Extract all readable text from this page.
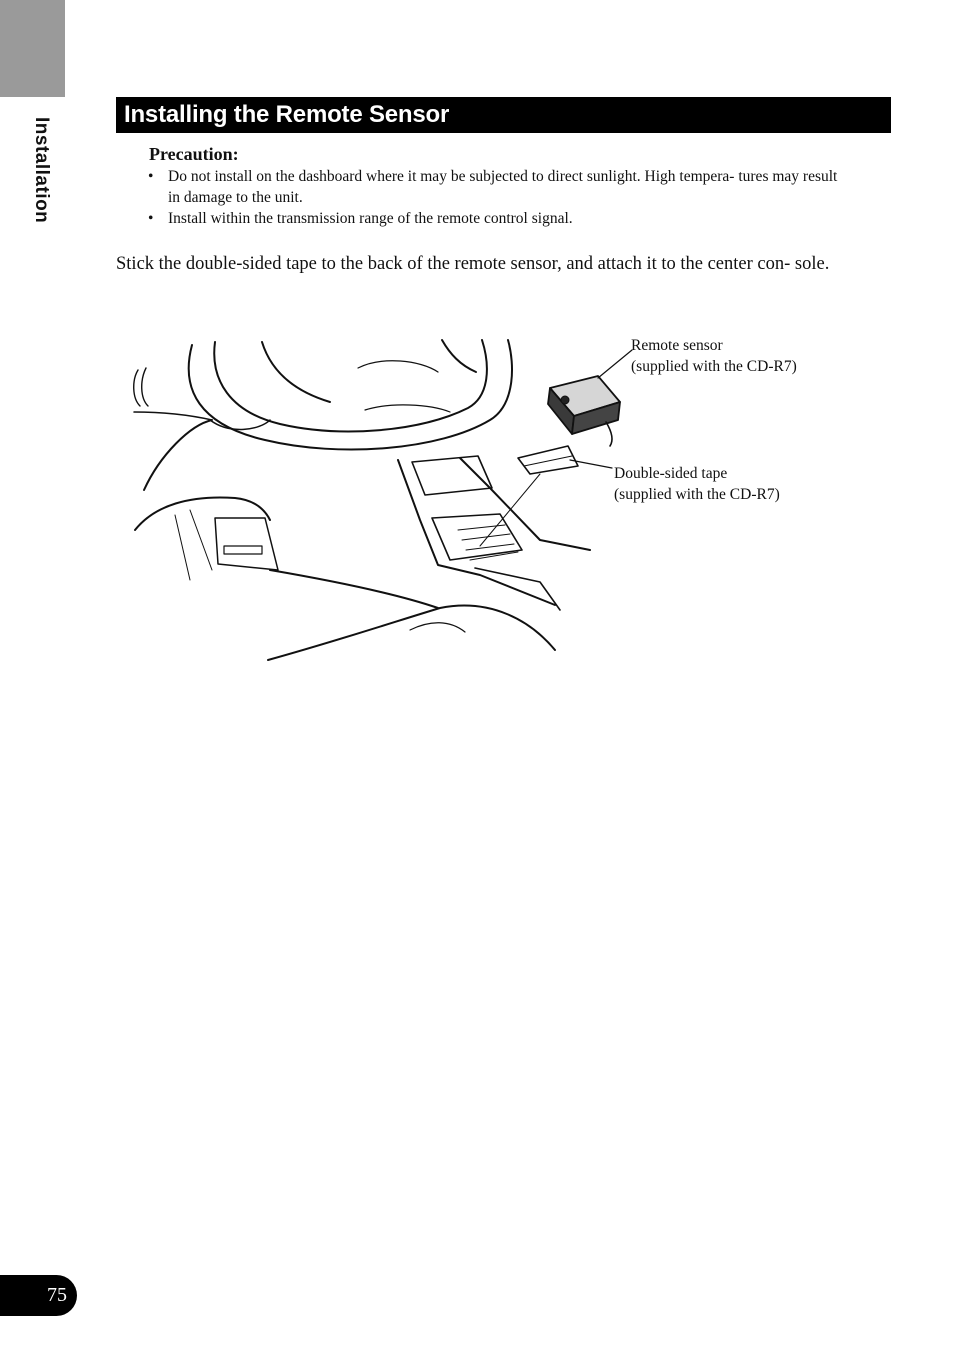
Installation
Installing the Remote Sensor
Precaution:
• Do not install on the dashboard where it may be subjected to direct sunlight. High tempera- tures may result in damage to the unit.
• Install within the transmission range of the remote control signal.
Stick the double-sided tape to the back of the remote sensor, and attach it to the center con- sole.
Remote sensor
(supplied with the CD-R7)
Double-sided tape
(supplied with the CD-R7)
75
